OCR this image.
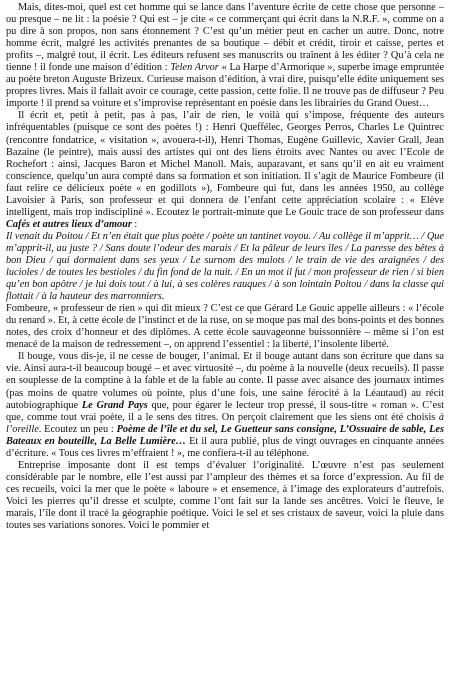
Mais, dites-moi, quel est cet homme qui se lance dans l’aventure écrite de cette chose que personne – ou presque – ne lit : la poésie ? Qui est – je cite « ce commerçant qui écrit dans la N.R.F. », comme on a pu dire à son propos, non sans étonnement ? C’est qu’un métier peut en cacher un autre. Donc, notre homme écrit, malgré les activités prenantes de sa boutique – débit et crédit, tiroir et caisse, pertes et profits –, malgré tout, il écrit. Les éditeurs refusent ses manuscrits ou traînent à les éditer ? Qu’à cela ne tienne ! il fonde une maison d’édition : Telen Arvor « La Harpe d’Armorique », superbe image empruntée au poète breton Auguste Brizeux. Curieuse maison d’édition, à vrai dire, puisqu’elle édite uniquement ses propres livres. Mais il fallait avoir ce courage, cette passion, cette folie. Il ne trouve pas de diffuseur ? Peu importe ! il prend sa voiture et s’improvise représentant en poésie dans les librairies du Grand Ouest…

Il écrit et, petit à petit, pas à pas, l’air de rien, le voilà qui s’impose, fréquente des auteurs infréquentables (puisque ce sont des poètes !) : Henri Queffélec, Georges Perros, Charles Le Quintrec (rencontre fondatrice, « visitation », avouera-t-il), Henri Thomas, Eugène Guillevic, Xavier Grall, Jean Bazaine (le peintre), mais aussi des artistes qui ont des liens étroits avec Nantes ou avec l’Ecole de Rochefort : ainsi, Jacques Baron et Michel Manoll. Mais, auparavant, et sans qu’il en ait eu vraiment conscience, quelqu’un aura compté dans sa formation et son initiation. Il s’agit de Maurice Fombeure (il faut relire ce délicieux poète « en godillots »), Fombeure qui fut, dans les années 1950, au collège Lavoisier à Paris, son professeur et qui donnera de l’enfant cette appréciation scolaire : « Elève intelligent, mais trop indiscipliné ». Ecoutez le portrait-minute que Le Gouic trace de son professeur dans Cafés et autres lieux d’amour :

Il venait du Poitou / Et n’en était que plus poète / poète un tantinet voyou. / Au collège il m’apprit… / Que m’apprit-il, au juste ? / Sans doute l’odeur des marais / Et la pâleur de leurs îles / La paresse des bêtes à bon Dieu / qui dormaient dans ses yeux / Le surnom des mulots / le train de vie des araignées / des lucioles / de toutes les bestioles / du fin fond de la nuit. / En un mot il fut / mon professeur de rien / si bien qu’en bon apôtre / je lui dois tout / à lui, à ses colères rauques / à son lointain Poitou / dans la classe qui flottait / à la hauteur des marronniers.

Fombeure, « professeur de rien » qui dit mieux ? C’est ce que Gérard Le Gouic appelle ailleurs : « l’école du renard ». Et, à cette école de l’instinct et de la ruse, on se moque pas mal des bons-points et des bonnes notes, des croix d’honneur et des diplômes. A cette école sauvageonne buissonnière – même si l’on est menacé de la maison de redressement –, on apprend l’essentiel : la liberté, l’insolente liberté.

Il bouge, vous dis-je, il ne cesse de bouger, l’animal. Et il bouge autant dans son écriture que dans sa vie. Ainsi aura-t-il beaucoup bougé – et avec virtuosité –, du poème à la nouvelle (deux recueils). Il passe en souplesse de la comptine à la fable et de la fable au conte. Il passe avec aisance des journaux intimes (pas moins de quatre volumes où pointe, plus d’une fois, une saine férocité à la Léautaud) au récit autobiographique Le Grand Pays que, pour égarer le lecteur trop pressé, il sous-titre « roman ». C’est que, comme tout vrai poète, il a le sens des titres. On perçoit clairement que les siens ont été choisis à l’oreille. Ecoutez un peu : Poème de l’île et du sel, Le Guetteur sans consigne, L’Ossuaire de sable, Les Bateaux en bouteille, La Belle Lumière… Et il aura publié, plus de vingt ouvrages en cinquante années d’écriture. « Tous ces livres m’effraient ! », me confiera-t-il au téléphone.

Entreprise imposante dont il est temps d’évaluer l’originalité. L’œuvre n’est pas seulement considérable par le nombre, elle l’est aussi par l’ampleur des thèmes et sa force d’expression. Au fil de ces recueils, voici la mer que le poète « laboure » et ensemence, à l’image des explorateurs d’autrefois. Voici les pierres qu’il dresse et sculpte, comme l’ont fait sur la lande ses ancêtres. Voici le fleuve, le marais, l’île dont il tracé la géographie poétique. Voici le sel et ses cristaux de saveur, voici la pluie dans toutes ses variations sonores. Voici le pommier et
